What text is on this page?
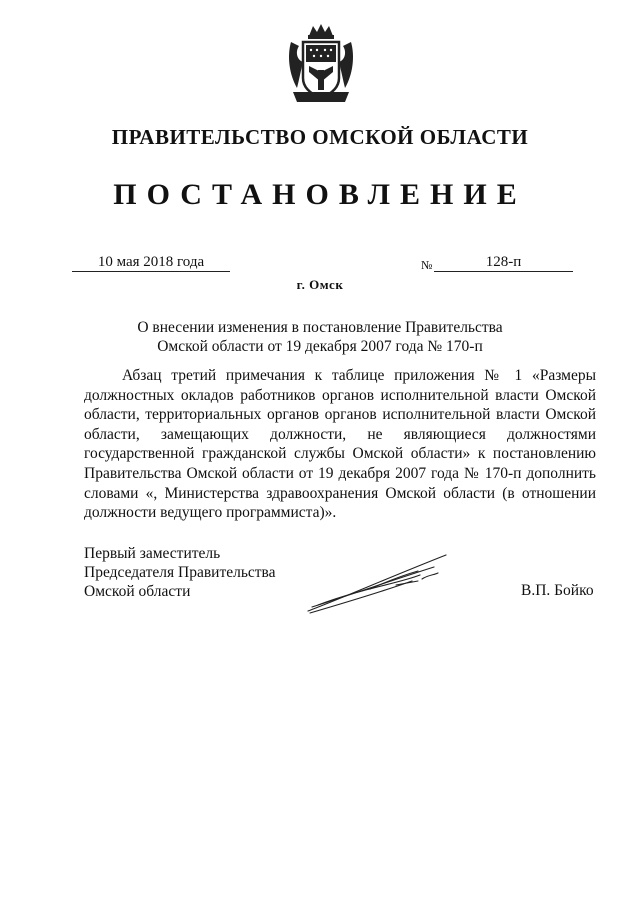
ПРАВИТЕЛЬСТВО ОМСКОЙ ОБЛАСТИ
ПОСТАНОВЛЕНИЕ
10 мая 2018 года	№	128-п
г. Омск
О внесении изменения в постановление Правительства
Омской области от 19 декабря 2007 года № 170-п
Абзац третий примечания к таблице приложения № 1 «Размеры должностных окладов работников органов исполнительной власти Омской области, территориальных органов органов исполнительной власти Омской области, замещающих должности, не являющиеся должностями государственной гражданской службы Омской области» к постановлению Правительства Омской области от 19 декабря 2007 года № 170-п дополнить словами «, Министерства здравоохранения Омской области (в отношении должности ведущего программиста)».
Первый заместитель
Председателя Правительства
Омской области	В.П. Бойко
